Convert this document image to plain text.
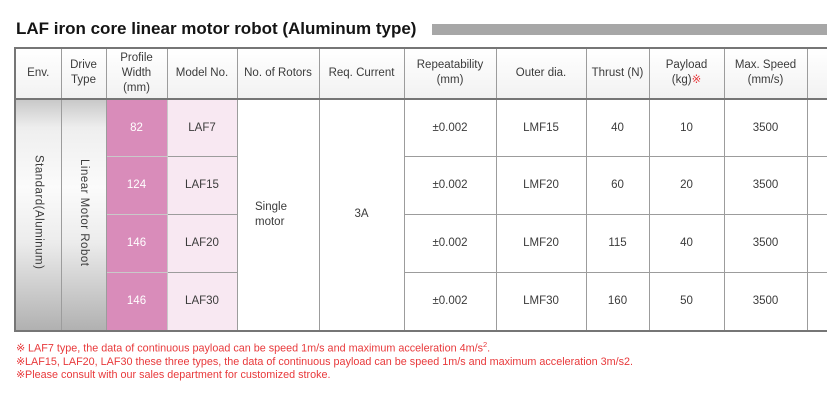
LAF iron core linear motor robot (Aluminum type)
Env.	Drive Type	Profile Width (mm)	Model No.	No. of Rotors	Req. Current	Repeatability (mm)	Outer dia.	Thrust (N)	Payload (kg)※	Max. Speed (mm/s)	
Standard(Aluminum)	Linear Motor Robot	82	LAF7	Single motor	3A	±0.002	LMF15	40	10	3500	
		124	LAF15			±0.002	LMF20	60	20	3500	
		146	LAF20			±0.002	LMF20	115	40	3500	
		146	LAF30			±0.002	LMF30	160	50	3500	
※ LAF7 type, the data of continuous payload can be speed 1m/s and maximum acceleration $4m/s^2$.
※LAF15, LAF20, LAF30 these three types, the data of continuous payload can be speed 1m/s and maximum acceleration 3m/s2.
※Please consult with our sales department for customized stroke.
